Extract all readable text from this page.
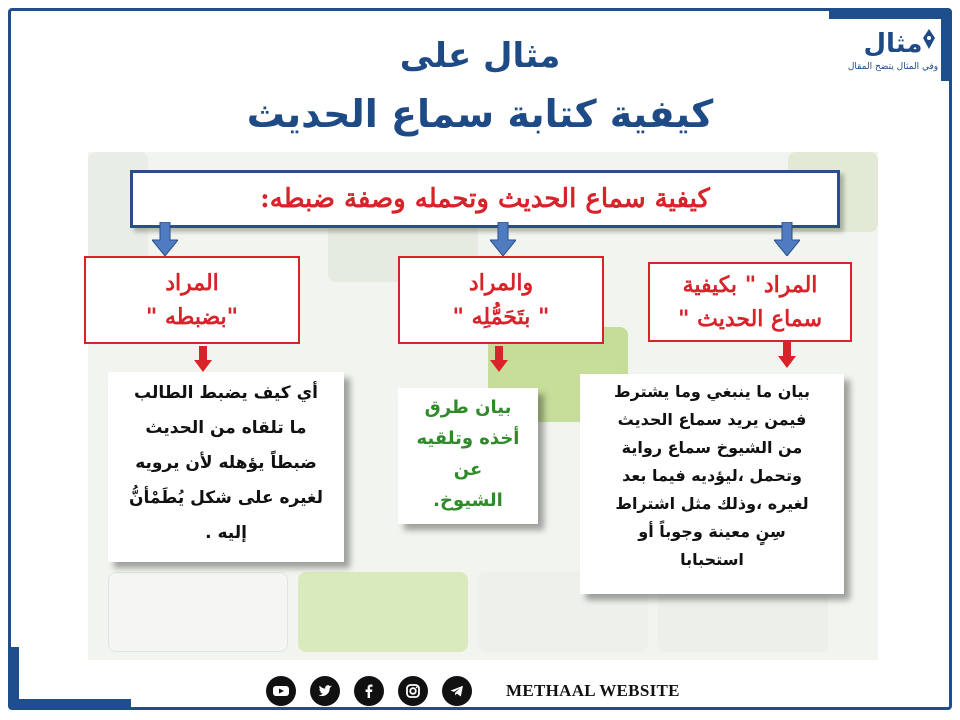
مثال على
كيفية كتابة سماع الحديث
مثال
وفي المثال يتضح المقال
كيفية سماع الحديث وتحمله وصفة ضبطه:
المراد " بكيفية
سماع الحديث "
والمراد
" بتَحَمُّلِه "
المراد
"بضبطه "
بيان ما ينبغي وما يشترط
فيمن يريد سماع الحديث
من الشيوخ سماع رواية
وتحمل ،ليؤديه فيما بعد
لغيره ،وذلك مثل اشتراط
سِنٍ معينة وجوباً أو
استحبابا
بيان طرق
أخذه وتلقيه
عن
الشيوخ.
أي كيف يضبط الطالب
ما تلقاه من الحديث
ضبطاً يؤهله لأن يرويه
لغيره على شكل يُطَمْأنُّ
إليه .
METHAAL WEBSITE
